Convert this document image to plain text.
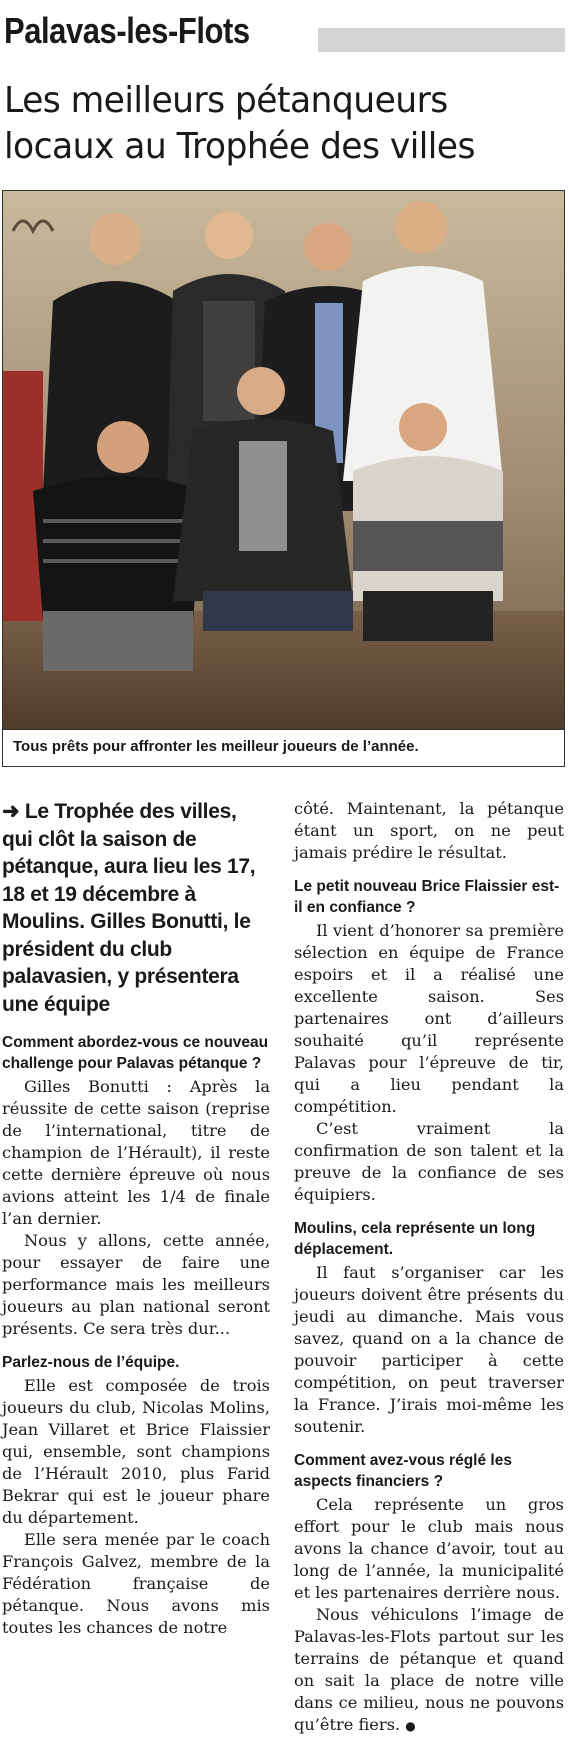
Palavas-les-Flots
Les meilleurs pétanqueurs locaux au Trophée des villes
Tous prêts pour affronter les meilleur joueurs de l’année.
➜ Le Trophée des villes, qui clôt la saison de pétanque, aura lieu les 17, 18 et 19 décembre à Moulins. Gilles Bonutti, le président du club palavasien, y présentera une équipe
Comment abordez-vous ce nouveau challenge pour Palavas pétanque ?

Gilles Bonutti : Après la réussite de cette saison (reprise de l’international, titre de champion de l’Hérault), il reste cette dernière épreuve où nous avions atteint les 1/4 de finale l’an dernier.

Nous y allons, cette année, pour essayer de faire une performance mais les meilleurs joueurs au plan national seront présents. Ce sera très dur...

Parlez-nous de l’équipe.

Elle est composée de trois joueurs du club, Nicolas Molins, Jean Villaret et Brice Flaissier qui, ensemble, sont champions de l’Hérault 2010, plus Farid Bekrar qui est le joueur phare du département.

Elle sera menée par le coach François Galvez, membre de la Fédération française de pétanque. Nous avons mis toutes les chances de notre

côté. Maintenant, la pétanque étant un sport, on ne peut jamais prédire le résultat.

Le petit nouveau Brice Flaissier est-il en confiance ?

Il vient d’honorer sa première sélection en équipe de France espoirs et il a réalisé une excellente saison. Ses partenaires ont d’ailleurs souhaité qu’il représente Palavas pour l’épreuve de tir, qui a lieu pendant la compétition.

C’est vraiment la confirmation de son talent et la preuve de la confiance de ses équipiers.

Moulins, cela représente un long déplacement.

Il faut s’organiser car les joueurs doivent être présents du jeudi au dimanche. Mais vous savez, quand on a la chance de pouvoir participer à cette compétition, on peut traverser la France. J’irais moi-même les soutenir.

Comment avez-vous réglé les aspects financiers ?

Cela représente un gros effort pour le club mais nous avons la chance d’avoir, tout au long de l’année, la municipalité et les partenaires derrière nous.

Nous véhiculons l’image de Palavas-les-Flots partout sur les terrains de pétanque et quand on sait la place de notre ville dans ce milieu, nous ne pouvons qu’être fiers. ●
